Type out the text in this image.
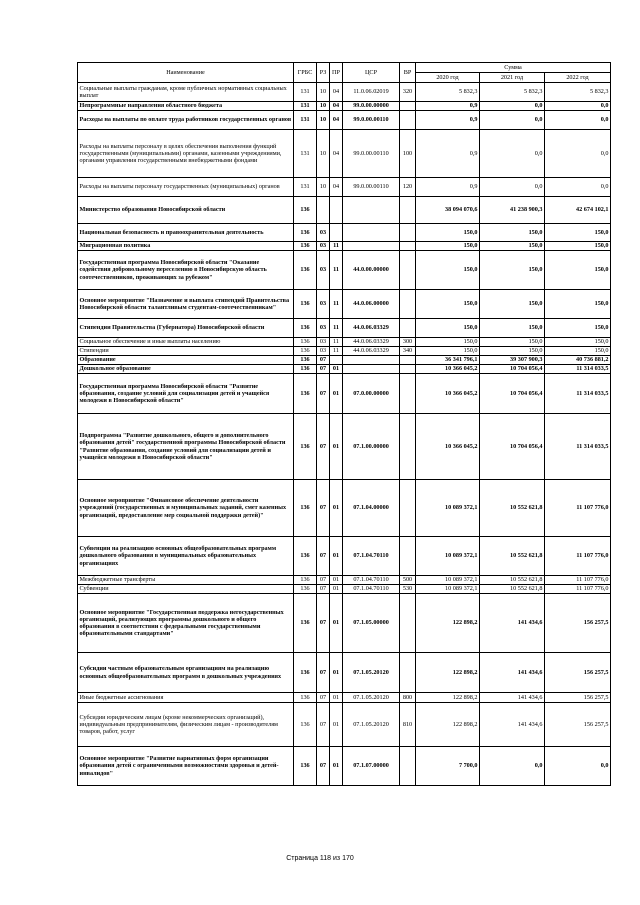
Наименование	ГРБС	РЗ	ПР	ЦСР	ВР	Сумма		
						2020 год	2021 год	2022 год
Социальные выплаты гражданам, кроме публичных нормативных социальных выплат	131	10	04	11.0.06.02019	320	5 832,3	5 832,3	5 832,3
Непрограммные направления областного бюджета	131	10	04	99.0.00.00000		0,9	0,0	0,0
Расходы на выплаты по оплате труда работников государственных органов	131	10	04	99.0.00.00110		0,9	0,0	0,0
Расходы на выплаты персоналу в целях обеспечения выполнения функций государственными (муниципальными) органами, казенными учреждениями, органами управления государственными внебюджетными фондами	131	10	04	99.0.00.00110	100	0,9	0,0	0,0
Расходы на выплаты персоналу государственных (муниципальных) органов	131	10	04	99.0.00.00110	120	0,9	0,0	0,0
Министерство образования Новосибирской области	136					38 094 070,6	41 238 900,3	42 674 102,1
Национальная безопасность и правоохранительная деятельность	136	03				150,0	150,0	150,0
Миграционная политика	136	03	11			150,0	150,0	150,0
Государственная программа Новосибирской области "Оказание содействия добровольному переселению в Новосибирскую область соотечественников, проживающих за рубежом"	136	03	11	44.0.00.00000		150,0	150,0	150,0
Основное мероприятие "Назначение и выплата стипендий Правительства Новосибирской области талантливым студентам-соотечественникам"	136	03	11	44.0.06.00000		150,0	150,0	150,0
Стипендии Правительства (Губернатора) Новосибирской области	136	03	11	44.0.06.03329		150,0	150,0	150,0
Социальное обеспечение и иные выплаты населению	136	03	11	44.0.06.03329	300	150,0	150,0	150,0
Стипендии	136	03	11	44.0.06.03329	340	150,0	150,0	150,0
Образование	136	07				36 341 796,1	39 307 900,3	40 736 881,2
Дошкольное образование	136	07	01			10 366 045,2	10 704 056,4	11 314 033,5
Государственная программа Новосибирской области "Развитие образования, создание условий для социализации детей и учащейся молодежи в Новосибирской области"	136	07	01	07.0.00.00000		10 366 045,2	10 704 056,4	11 314 033,5
Подпрограмма "Развитие дошкольного, общего и дополнительного образования детей" государственной программы Новосибирской области "Развитие образования, создание условий для социализации детей и учащейся молодежи в Новосибирской области"	136	07	01	07.1.00.00000		10 366 045,2	10 704 056,4	11 314 033,5
Основное мероприятие "Финансовое обеспечение деятельности учреждений (государственных и муниципальных заданий, смет казенных организаций, предоставление мер социальной поддержки детей)"	136	07	01	07.1.04.00000		10 089 372,1	10 552 621,8	11 107 776,0
Субвенции на реализацию основных общеобразовательных программ дошкольного образования в муниципальных образовательных организациях	136	07	01	07.1.04.70110		10 089 372,1	10 552 621,8	11 107 776,0
Межбюджетные трансферты	136	07	01	07.1.04.70110	500	10 089 372,1	10 552 621,8	11 107 776,0
Субвенции	136	07	01	07.1.04.70110	530	10 089 372,1	10 552 621,8	11 107 776,0
Основное мероприятие "Государственная поддержка негосударственных организаций, реализующих программы дошкольного и общего образования в соответствии с федеральными государственными образовательными стандартами"	136	07	01	07.1.05.00000		122 898,2	141 434,6	156 257,5
Субсидии частным образовательным организациям на реализацию основных общеобразовательных программ в дошкольных учреждениях	136	07	01	07.1.05.20120		122 898,2	141 434,6	156 257,5
Иные бюджетные ассигнования	136	07	01	07.1.05.20120	800	122 898,2	141 434,6	156 257,5
Субсидии юридическим лицам (кроме некоммерческих организаций), индивидуальным предпринимателям, физическим лицам - производителям товаров, работ, услуг	136	07	01	07.1.05.20120	810	122 898,2	141 434,6	156 257,5
Основное мероприятие "Развитие вариативных форм организации образования детей с ограниченными возможностями здоровья и детей-инвалидов"	136	07	01	07.1.07.00000		7 700,0	0,0	0,0
Страница 118 из 170
